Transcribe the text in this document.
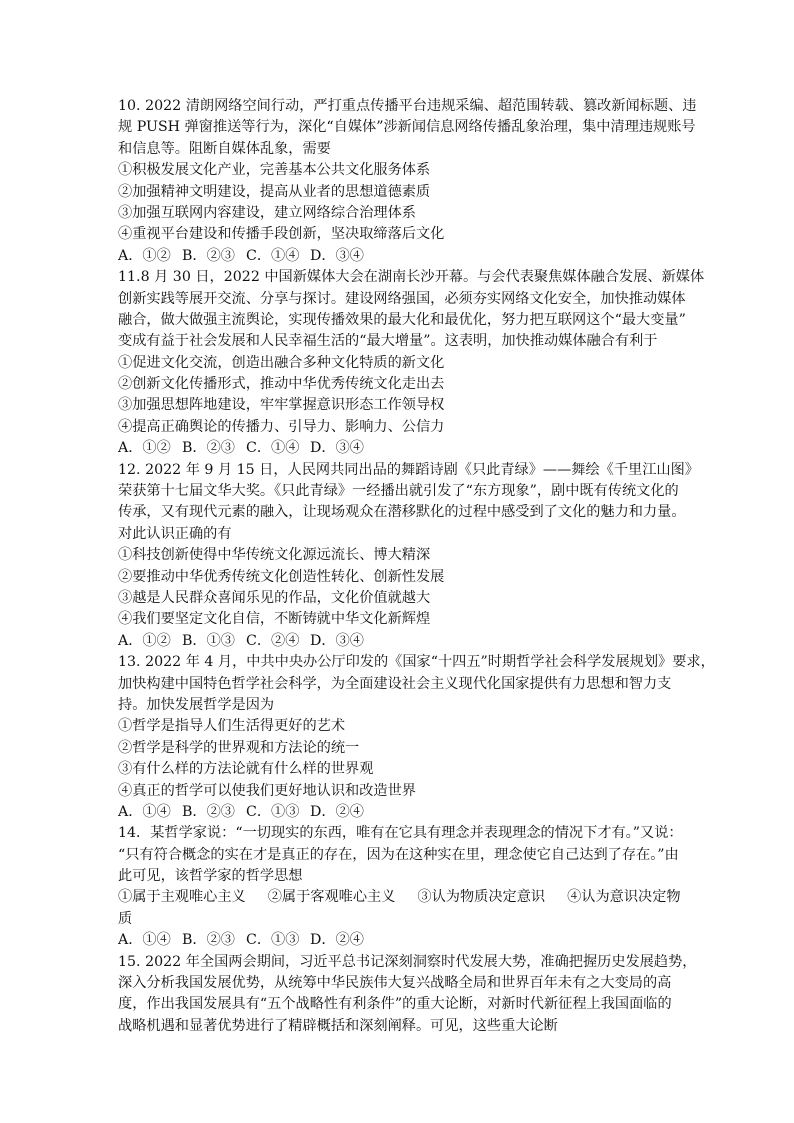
10. 2022 清朗网络空间行动，严打重点传播平台违规采编、超范围转载、篡改新闻标题、违
规 PUSH 弹窗推送等行为，深化“自媒体”涉新闻信息网络传播乱象治理，集中清理违规账号
和信息等。阻断自媒体乱象，需要
①积极发展文化产业，完善基本公共文化服务体系
②加强精神文明建设，提高从业者的思想道德素质
③加强互联网内容建设，建立网络综合治理体系
④重视平台建设和传播手段创新，坚决取缔落后文化
A．①② B．②③ C．①④ D．③④
11.8 月 30 日，2022 中国新媒体大会在湖南长沙开幕。与会代表聚焦媒体融合发展、新媒体
创新实践等展开交流、分享与探讨。建设网络强国，必须夯实网络文化安全，加快推动媒体
融合，做大做强主流舆论，实现传播效果的最大化和最优化，努力把互联网这个“最大变量”
变成有益于社会发展和人民幸福生活的“最大增量”。这表明，加快推动媒体融合有利于
①促进文化交流，创造出融合多种文化特质的新文化
②创新文化传播形式，推动中华优秀传统文化走出去
③加强思想阵地建设，牢牢掌握意识形态工作领导权
④提高正确舆论的传播力、引导力、影响力、公信力
A．①② B．②③ C．①④ D．③④
12. 2022 年 9 月 15 日，人民网共同出品的舞蹈诗剧《只此青绿》——舞绘《千里江山图》
荣获第十七届文华大奖。《只此青绿》一经播出就引发了“东方现象”，剧中既有传统文化的
传承，又有现代元素的融入，让现场观众在潜移默化的过程中感受到了文化的魅力和力量。
对此认识正确的有
①科技创新使得中华传统文化源远流长、博大精深
②要推动中华优秀传统文化创造性转化、创新性发展
③越是人民群众喜闻乐见的作品，文化价值就越大
④我们要坚定文化自信，不断铸就中华文化新辉煌
A．①② B．①③ C．②④ D．③④
13. 2022 年 4 月，中共中央办公厅印发的《国家“十四五”时期哲学社会科学发展规划》要求，
加快构建中国特色哲学社会科学，为全面建设社会主义现代化国家提供有力思想和智力支
持。加快发展哲学是因为
①哲学是指导人们生活得更好的艺术
②哲学是科学的世界观和方法论的统一
③有什么样的方法论就有什么样的世界观
④真正的哲学可以使我们更好地认识和改造世界
A．①④ B．②③ C．①③ D．②④
14．某哲学家说：“一切现实的东西，唯有在它具有理念并表现理念的情况下才有。”又说：
“只有符合概念的实在才是真正的存在，因为在这种实在里，理念使它自己达到了存在。”由
此可见，该哲学家的哲学思想
①属于主观唯心主义 ②属于客观唯心主义 ③认为物质决定意识 ④认为意识决定物
质
A．①④ B．②③ C．①③ D．②④
15. 2022 年全国两会期间，习近平总书记深刻洞察时代发展大势，准确把握历史发展趋势，
深入分析我国发展优势，从统筹中华民族伟大复兴战略全局和世界百年未有之大变局的高
度，作出我国发展具有“五个战略性有利条件”的重大论断，对新时代新征程上我国面临的
战略机遇和显著优势进行了精辟概括和深刻阐释。可见，这些重大论断
